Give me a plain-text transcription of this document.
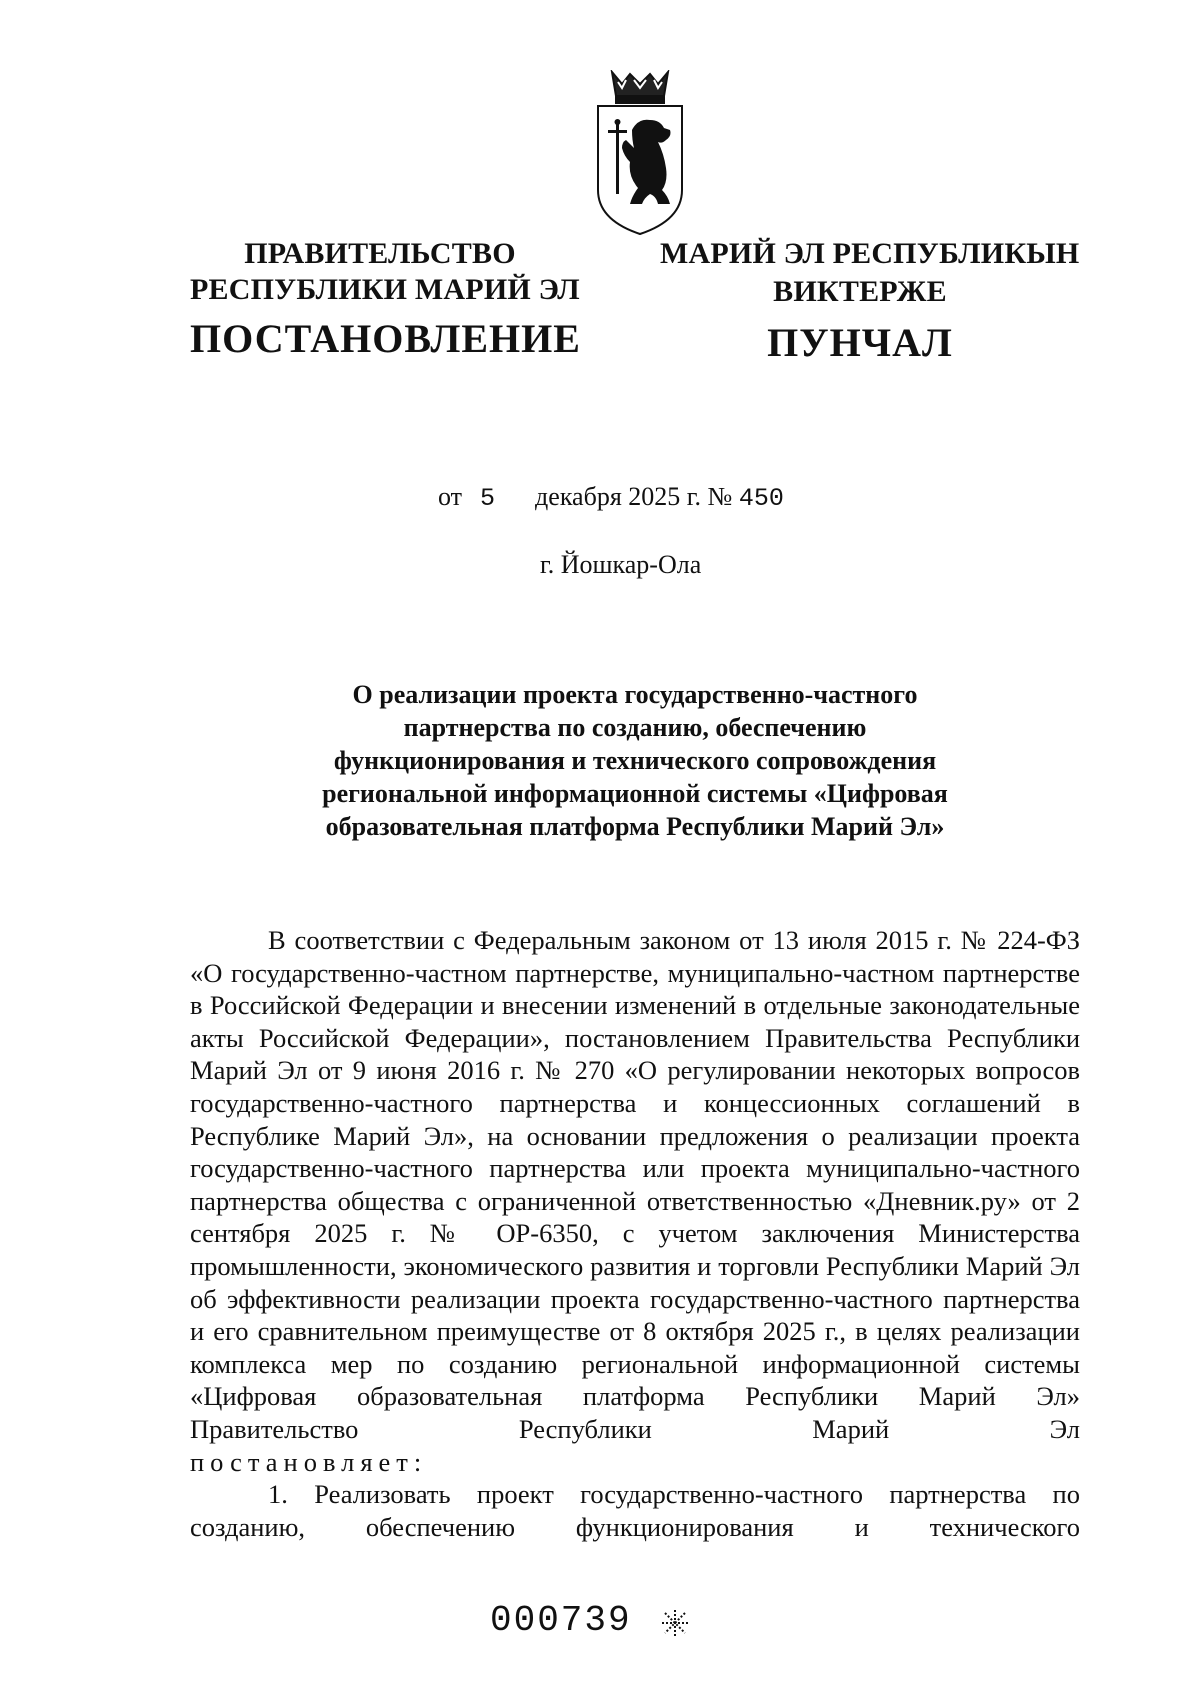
ПРАВИТЕЛЬСТВО
РЕСПУБЛИКИ МАРИЙ ЭЛ
ПОСТАНОВЛЕНИЕ
МАРИЙ ЭЛ РЕСПУБЛИКЫН
ВИКТЕРЖЕ
ПУНЧАЛ
от 5 декабря 2025 г. № 450
г. Йошкар-Ола
О реализации проекта государственно-частного партнерства по созданию, обеспечению функционирования и технического сопровождения региональной информационной системы «Цифровая образовательная платформа Республики Марий Эл»

В соответствии с Федеральным законом от 13 июля 2015 г. № 224-ФЗ «О государственно-частном партнерстве, муниципально-частном партнерстве в Российской Федерации и внесении изменений в отдельные законодательные акты Российской Федерации», постановлением Правительства Республики Марий Эл от 9 июня 2016 г. № 270 «О регулировании некоторых вопросов государственно-частного партнерства и концессионных соглашений в Республике Марий Эл», на основании предложения о реализации проекта государственно-частного партнерства или проекта муниципально-частного партнерства общества с ограниченной ответственностью «Дневник.ру» от 2 сентября 2025 г. № ОР-6350, с учетом заключения Министерства промышленности, экономического развития и торговли Республики Марий Эл об эффективности реализации проекта государственно-частного партнерства и его сравнительном преимуществе от 8 октября 2025 г., в целях реализации комплекса мер по созданию региональной информационной системы «Цифровая образовательная платформа Республики Марий Эл» Правительство Республики Марий Эл

постановляет:

1. Реализовать проект государственно-частного партнерства по созданию, обеспечению функционирования и технического

000739
